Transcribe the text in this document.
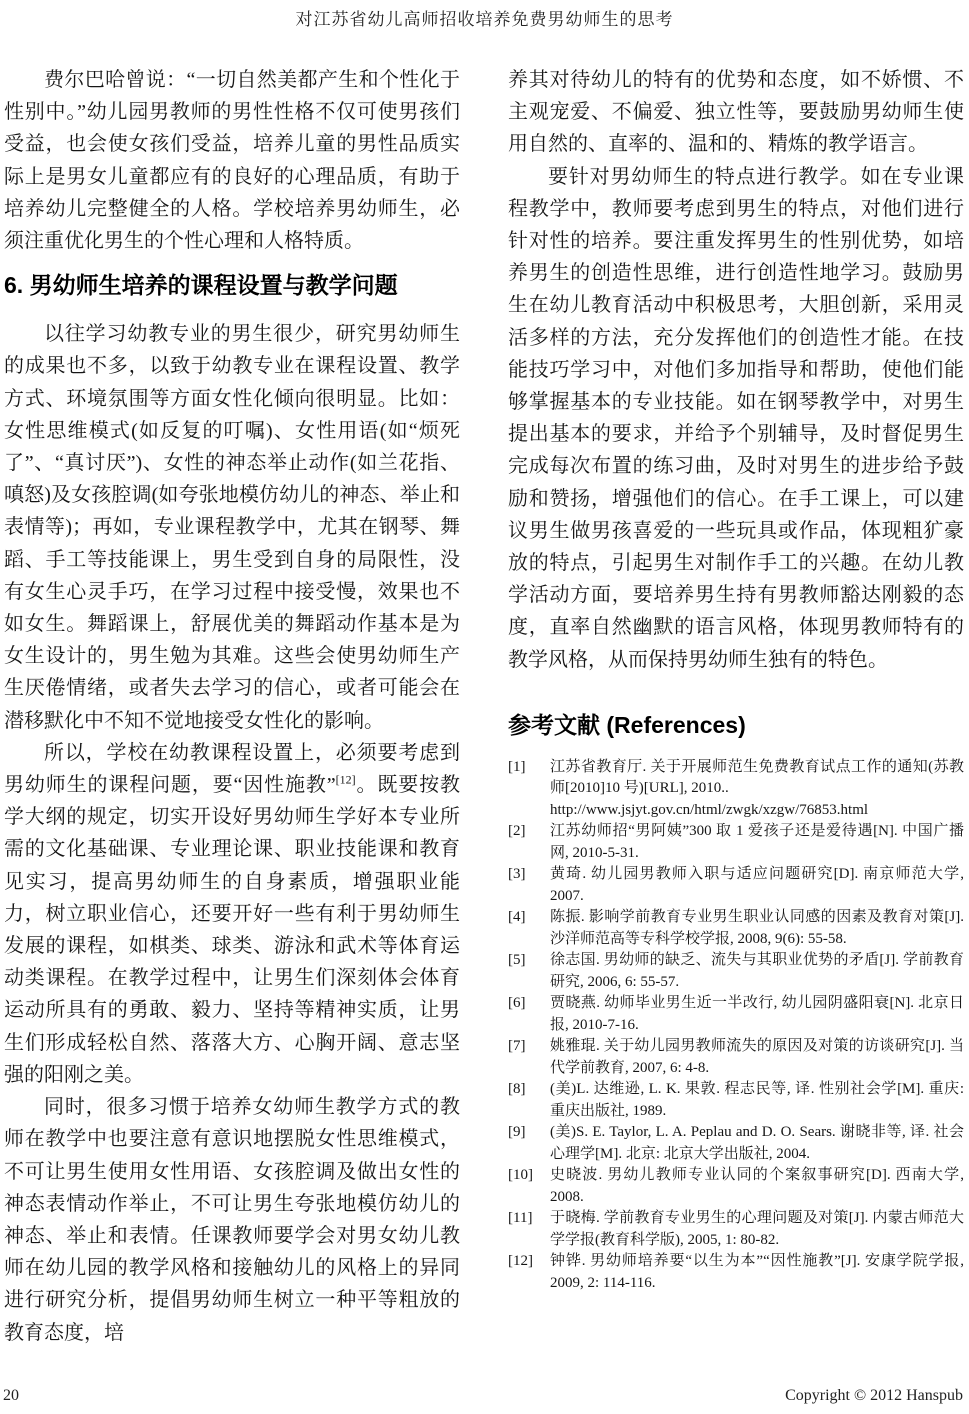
对江苏省幼儿高师招收培养免费男幼师生的思考

费尔巴哈曾说：“一切自然美都产生和个性化于性别中。”幼儿园男教师的男性性格不仅可使男孩们受益，也会使女孩们受益，培养儿童的男性品质实际上是男女儿童都应有的良好的心理品质，有助于培养幼儿完整健全的人格。学校培养男幼师生，必须注重优化男生的个性心理和人格特质。

6. 男幼师生培养的课程设置与教学问题

以往学习幼教专业的男生很少，研究男幼师生的成果也不多，以致于幼教专业在课程设置、教学方式、环境氛围等方面女性化倾向很明显。比如：女性思维模式(如反复的叮嘱)、女性用语(如“烦死了”、“真讨厌”)、女性的神态举止动作(如兰花指、嗔怒)及女孩腔调(如夸张地模仿幼儿的神态、举止和表情等)；再如，专业课程教学中，尤其在钢琴、舞蹈、手工等技能课上，男生受到自身的局限性，没有女生心灵手巧，在学习过程中接受慢，效果也不如女生。舞蹈课上，舒展优美的舞蹈动作基本是为女生设计的，男生勉为其难。这些会使男幼师生产生厌倦情绪，或者失去学习的信心，或者可能会在潜移默化中不知不觉地接受女性化的影响。

所以，学校在幼教课程设置上，必须要考虑到男幼师生的课程问题，要“因性施教”[12]。既要按教学大纲的规定，切实开设好男幼师生学好本专业所需的文化基础课、专业理论课、职业技能课和教育见实习，提高男幼师生的自身素质，增强职业能力，树立职业信心，还要开好一些有利于男幼师生发展的课程，如棋类、球类、游泳和武术等体育运动类课程。在教学过程中，让男生们深刻体会体育运动所具有的勇敢、毅力、坚持等精神实质，让男生们形成轻松自然、落落大方、心胸开阔、意志坚强的阳刚之美。

同时，很多习惯于培养女幼师生教学方式的教师在教学中也要注意有意识地摆脱女性思维模式，不可让男生使用女性用语、女孩腔调及做出女性的神态表情动作举止，不可让男生夸张地模仿幼儿的神态、举止和表情。任课教师要学会对男女幼儿教师在幼儿园的教学风格和接触幼儿的风格上的异同进行研究分析，提倡男幼师生树立一种平等粗放的教育态度，培

养其对待幼儿的特有的优势和态度，如不娇惯、不主观宠爱、不偏爱、独立性等，要鼓励男幼师生使用自然的、直率的、温和的、精炼的教学语言。

要针对男幼师生的特点进行教学。如在专业课程教学中，教师要考虑到男生的特点，对他们进行针对性的培养。要注重发挥男生的性别优势，如培养男生的创造性思维，进行创造性地学习。鼓励男生在幼儿教育活动中积极思考，大胆创新，采用灵活多样的方法，充分发挥他们的创造性才能。在技能技巧学习中，对他们多加指导和帮助，使他们能够掌握基本的专业技能。如在钢琴教学中，对男生提出基本的要求，并给予个别辅导，及时督促男生完成每次布置的练习曲，及时对男生的进步给予鼓励和赞扬，增强他们的信心。在手工课上，可以建议男生做男孩喜爱的一些玩具或作品，体现粗犷豪放的特点，引起男生对制作手工的兴趣。在幼儿教学活动方面，要培养男生持有男教师豁达刚毅的态度，直率自然幽默的语言风格，体现男教师特有的教学风格，从而保持男幼师生独有的特色。

参考文献 (References)
[1]	江苏省教育厅. 关于开展师范生免费教育试点工作的通知(苏教师[2010]10 号)[URL], 2010..
http://www.jsjyt.gov.cn/html/zwgk/xzgw/76853.html
[2]	江苏幼师招“男阿姨”300 取 1 爱孩子还是爱待遇[N]. 中国广播网, 2010-5-31.
[3]	黄琦. 幼儿园男教师入职与适应问题研究[D]. 南京师范大学, 2007.
[4]	陈振. 影响学前教育专业男生职业认同感的因素及教育对策[J]. 沙洋师范高等专科学校学报, 2008, 9(6): 55-58.
[5]	徐志国. 男幼师的缺乏、流失与其职业优势的矛盾[J]. 学前教育研究, 2006, 6: 55-57.
[6]	贾晓燕. 幼师毕业男生近一半改行, 幼儿园阴盛阳衰[N]. 北京日报, 2010-7-16.
[7]	姚雅琨. 关于幼儿园男教师流失的原因及对策的访谈研究[J]. 当代学前教育, 2007, 6: 4-8.
[8]	(美)L. 达维逊, L. K. 果敦. 程志民等, 译. 性别社会学[M]. 重庆: 重庆出版社, 1989.
[9]	(美)S. E. Taylor, L. A. Peplau and D. O. Sears. 谢晓非等, 译. 社会心理学[M]. 北京: 北京大学出版社, 2004.
[10]	史晓波. 男幼儿教师专业认同的个案叙事研究[D]. 西南大学, 2008.
[11]	于晓梅. 学前教育专业男生的心理问题及对策[J]. 内蒙古师范大学学报(教育科学版), 2005, 1: 80-82.
[12]	钟铧. 男幼师培养要“以生为本”“因性施教”[J]. 安康学院学报, 2009, 2: 114-116.
20	Copyright © 2012 Hanspub
